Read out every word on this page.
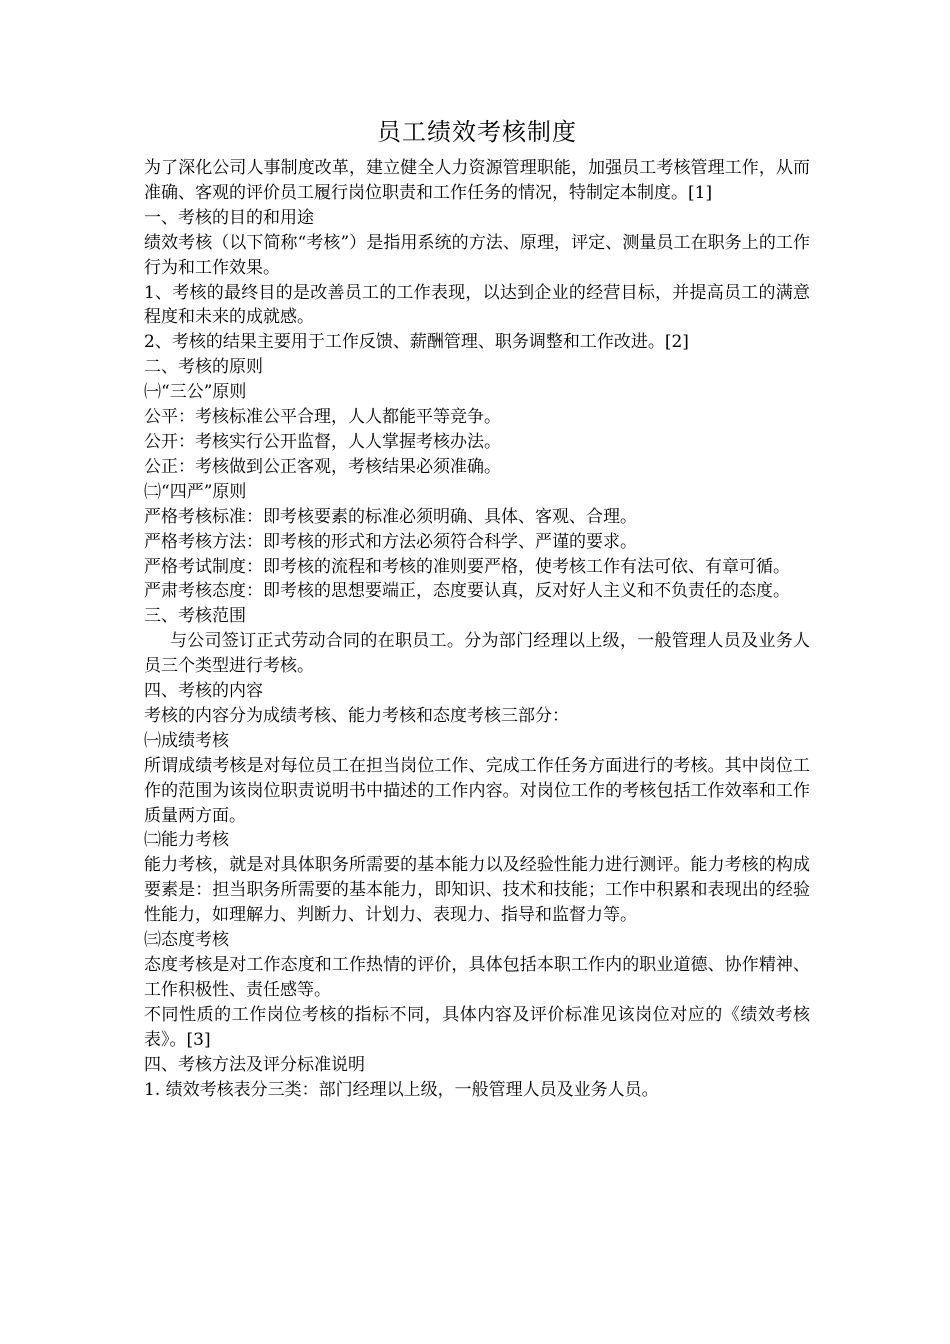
员工绩效考核制度

为了深化公司人事制度改革，建立健全人力资源管理职能，加强员工考核管理工作，从而准确、客观的评价员工履行岗位职责和工作任务的情况，特制定本制度。[1]

一、考核的目的和用途

绩效考核（以下简称“考核”）是指用系统的方法、原理，评定、测量员工在职务上的工作行为和工作效果。

1、考核的最终目的是改善员工的工作表现，以达到企业的经营目标，并提高员工的满意程度和未来的成就感。

2、考核的结果主要用于工作反馈、薪酬管理、职务调整和工作改进。[2]

二、考核的原则

㈠“三公”原则

公平：考核标准公平合理，人人都能平等竞争。

公开：考核实行公开监督，人人掌握考核办法。

公正：考核做到公正客观，考核结果必须准确。

㈡“四严”原则

严格考核标准：即考核要素的标准必须明确、具体、客观、合理。

严格考核方法：即考核的形式和方法必须符合科学、严谨的要求。

严格考试制度：即考核的流程和考核的准则要严格，使考核工作有法可依、有章可循。

严肃考核态度：即考核的思想要端正，态度要认真，反对好人主义和不负责任的态度。

三、考核范围

与公司签订正式劳动合同的在职员工。分为部门经理以上级，一般管理人员及业务人员三个类型进行考核。

四、考核的内容

考核的内容分为成绩考核、能力考核和态度考核三部分：

㈠成绩考核

所谓成绩考核是对每位员工在担当岗位工作、完成工作任务方面进行的考核。其中岗位工作的范围为该岗位职责说明书中描述的工作内容。对岗位工作的考核包括工作效率和工作质量两方面。

㈡能力考核

能力考核，就是对具体职务所需要的基本能力以及经验性能力进行测评。能力考核的构成要素是：担当职务所需要的基本能力，即知识、技术和技能；工作中积累和表现出的经验性能力，如理解力、判断力、计划力、表现力、指导和监督力等。

㈢态度考核

态度考核是对工作态度和工作热情的评价，具体包括本职工作内的职业道德、协作精神、工作积极性、责任感等。

不同性质的工作岗位考核的指标不同，具体内容及评价标准见该岗位对应的《绩效考核表》。[3]

四、考核方法及评分标准说明

1. 绩效考核表分三类：部门经理以上级，一般管理人员及业务人员。
